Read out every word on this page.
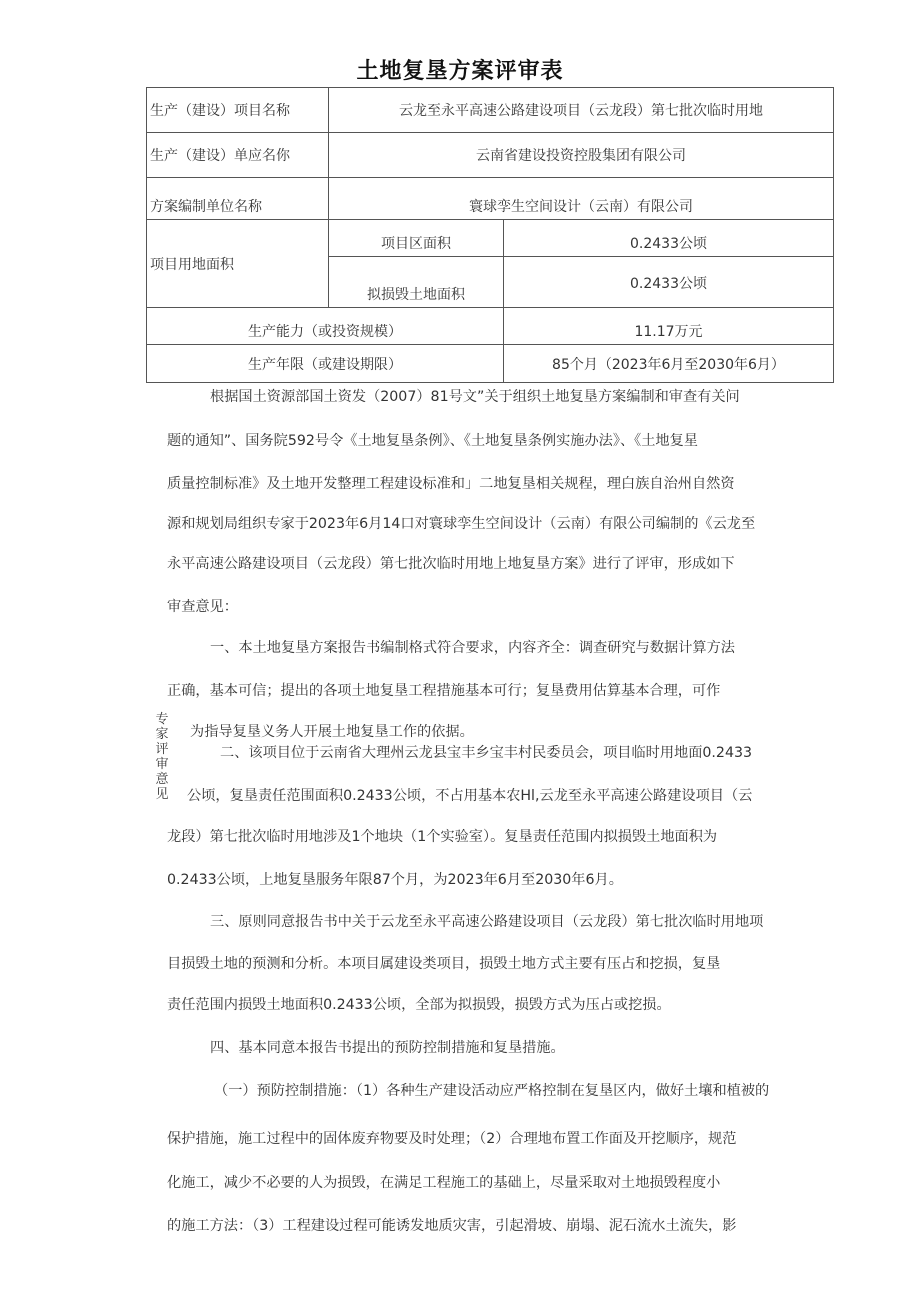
土地复垦方案评审表
生产（建设）项目名称	云龙至永平高速公路建设项目（云龙段）第七批次临时用地	
生产（建设）单应名你	云南省建设投资控股集团有限公司	
方案编制单位名称	寰球孪生空间设计（云南）有限公司	
项目用地面积	项目区面积	0.2433公顷
	拟损毁土地面积	0.2433公顷
生产能力（或投资规模）		11.17万元
生产年限（或建设期限）		85个月（2023年6月至2030年6月）
专家评审意见
根据国土资源部国土资发（2007）81号文”关于组织土地复垦方案编制和审查有关问
题的通知”、国务院592号令《土地复垦条例》、《土地复垦条例实施办法》、《土地复星
质量控制标准》及土地开发整理工程建设标准和」二地复垦相关规程，理白族自治州自然资
源和规划局组织专家于2023年6月14口对寰球孪生空间设计（云南）有限公司编制的《云龙至
永平高速公路建设项目（云龙段）第七批次临时用地上地复垦方案》进行了评审，形成如下
审查意见：
一、本土地复垦方案报告书编制格式符合要求，内容齐全：调查研究与数据计算方法
正确，基本可信；提出的各项土地复垦工程措施基本可行；复垦费用估算基本合理，可作
为指导复垦义务人开展土地复垦工作的依据。
二、该项目位于云南省大理州云龙县宝丰乡宝丰村民委员会，项目临时用地面0.2433
公顷，复垦责任范围面积0.2433公顷，不占用基本农Hl,云龙至永平高速公路建设项目（云
龙段）第七批次临时用地涉及1个地块（1个实验室）。复垦责任范围内拟损毁土地面积为
0.2433公顷，上地复垦服务年限87个月，为2023年6月至2030年6月。
三、原则同意报告书中关于云龙至永平高速公路建设项目（云龙段）第七批次临时用地项
目损毁土地的预测和分析。本项目属建设类项目，损毁土地方式主要有压占和挖损，复垦
责任范围内损毁土地面积0.2433公顷，全部为拟损毁，损毁方式为压占或挖损。
四、基本同意本报告书提出的预防控制措施和复垦措施。
（一）预防控制措施：（1）各种生产建设活动应严格控制在复垦区内，做好土壤和植被的
保护措施，施工过程中的固体废弃物要及时处理；（2）合理地布置工作面及开挖顺序，规范
化施工，减少不必要的人为损毁，在满足工程施工的基础上，尽量采取对土地损毁程度小
的施工方法：（3）工程建设过程可能诱发地质灾害，引起滑坡、崩塌、泥石流水土流失，影
